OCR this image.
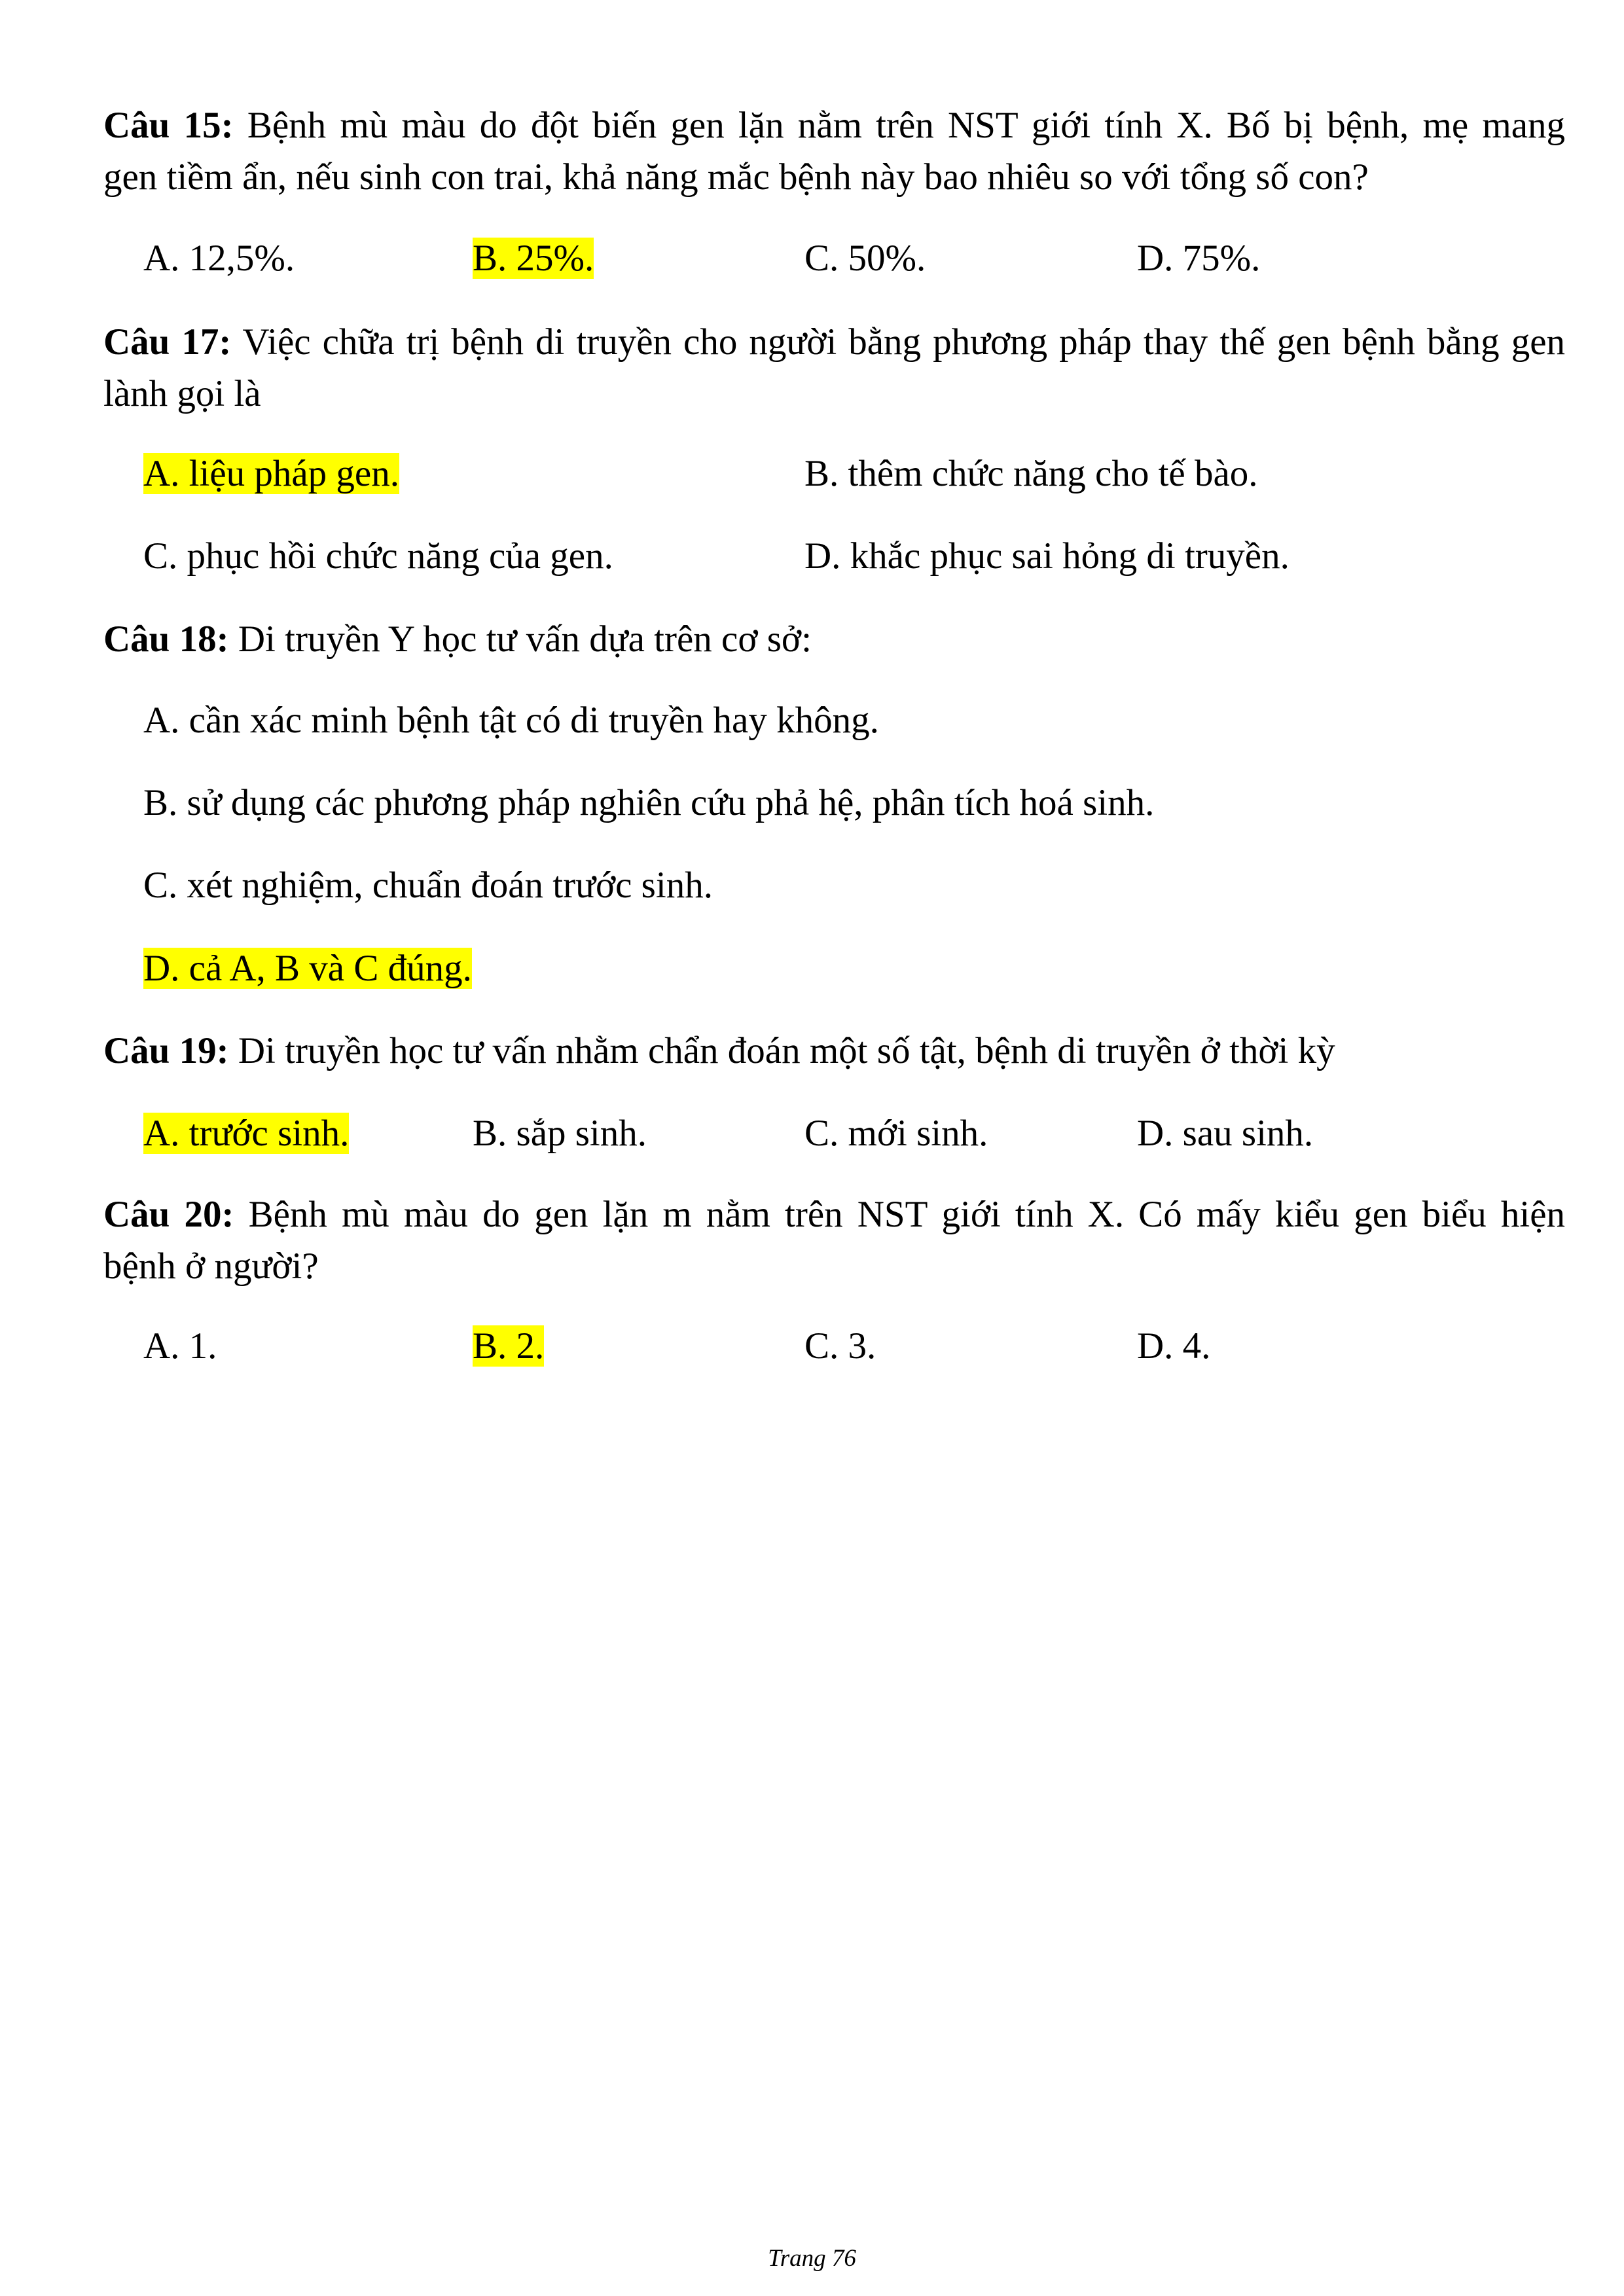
Câu 15: Bệnh mù màu do đột biến gen lặn nằm trên NST giới tính X. Bố bị bệnh, mẹ mang
gen tiềm ẩn, nếu sinh con trai, khả năng mắc bệnh này bao nhiêu so với tổng số con?
A. 12,5%.	B. 25%.	C. 50%.	D. 75%.
Câu 17: Việc chữa trị bệnh di truyền cho người bằng phương pháp thay thế gen bệnh bằng gen
lành gọi là
A. liệu pháp gen.	B. thêm chức năng cho tế bào.
C. phục hồi chức năng của gen.	D. khắc phục sai hỏng di truyền.
Câu 18: Di truyền Y học tư vấn dựa trên cơ sở:
A. cần xác minh bệnh tật có di truyền hay không.
B. sử dụng các phương pháp nghiên cứu phả hệ, phân tích hoá sinh.
C. xét nghiệm, chuẩn đoán trước sinh.
D. cả A, B và C đúng.
Câu 19: Di truyền học tư vấn nhằm chẩn đoán một số tật, bệnh di truyền ở thời kỳ
A. trước sinh.	B. sắp sinh.	C. mới sinh.	D. sau sinh.
Câu 20: Bệnh mù màu do gen lặn m nằm trên NST giới tính X. Có mấy kiểu gen biểu hiện
bệnh ở người?
A. 1.	B. 2.	C. 3.	D. 4.
Trang 76
